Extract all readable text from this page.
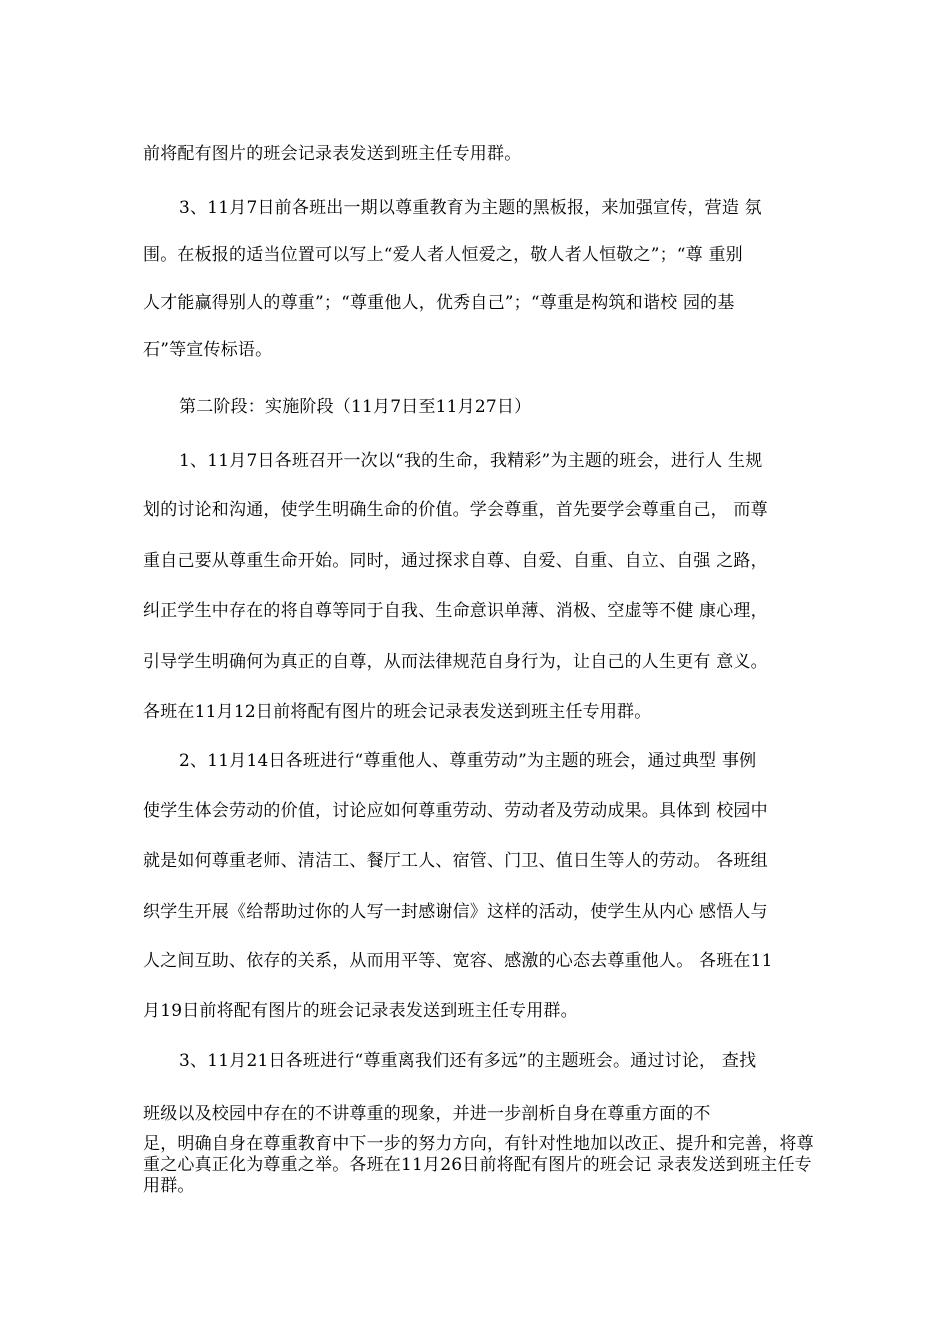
前将配有图片的班会记录表发送到班主任专用群。
3、11月7日前各班出一期以尊重教育为主题的黑板报，来加强宣传，营造 氛
围。在板报的适当位置可以写上“爱人者人恒爱之，敬人者人恒敬之”；“尊 重别
人才能赢得别人的尊重”；“尊重他人，优秀自己”；“尊重是构筑和谐校 园的基
石”等宣传标语。
第二阶段：实施阶段（11月7日至11月27日）
1、11月7日各班召开一次以“我的生命，我精彩”为主题的班会，进行人 生规
划的讨论和沟通，使学生明确生命的价值。学会尊重，首先要学会尊重自己， 而尊
重自己要从尊重生命开始。同时，通过探求自尊、自爱、自重、自立、自强 之路，
纠正学生中存在的将自尊等同于自我、生命意识单薄、消极、空虚等不健 康心理，
引导学生明确何为真正的自尊，从而法律规范自身行为，让自己的人生更有 意义。
各班在11月12日前将配有图片的班会记录表发送到班主任专用群。
2、11月14日各班进行“尊重他人、尊重劳动”为主题的班会，通过典型 事例
使学生体会劳动的价值，讨论应如何尊重劳动、劳动者及劳动成果。具体到 校园中
就是如何尊重老师、清洁工、餐厅工人、宿管、门卫、值日生等人的劳动。 各班组
织学生开展《给帮助过你的人写一封感谢信》这样的活动，使学生从内心 感悟人与
人之间互助、依存的关系，从而用平等、宽容、感激的心态去尊重他人。 各班在11
月19日前将配有图片的班会记录表发送到班主任专用群。
3、11月21日各班进行“尊重离我们还有多远”的主题班会。通过讨论， 查找
班级以及校园中存在的不讲尊重的现象，并进一步剖析自身在尊重方面的不
足，明确自身在尊重教育中下一步的努力方向，有针对性地加以改正、提升和完善，将尊重之心真正化为尊重之举。各班在11月26日前将配有图片的班会记 录表发送到班主任专用群。
